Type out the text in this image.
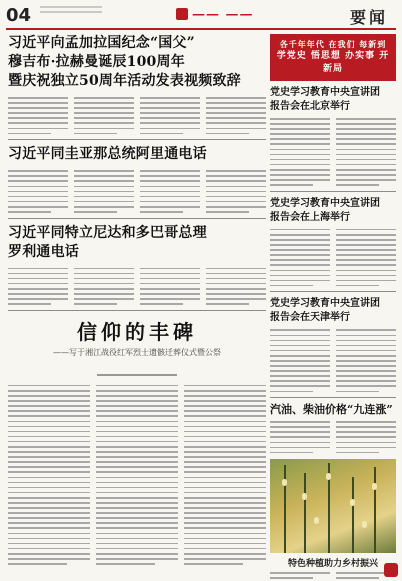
04	—— ——	要闻
习近平向孟加拉国纪念“国父”
穆吉布·拉赫曼诞辰100周年
暨庆祝独立50周年活动发表视频致辞
习近平同圭亚那总统阿里通电话
习近平同特立尼达和多巴哥总理
罗利通电话
信仰的丰碑
——写于湘江战役红军烈士遗骸迁葬仪式暨公祭
各千年年代 在我们 每新到
学党史 悟思想 办实事 开新局
党史学习教育中央宣讲团
报告会在北京举行
党史学习教育中央宣讲团
报告会在上海举行
党史学习教育中央宣讲团
报告会在天津举行
汽油、柴油价格“九连涨”
特色种植助力乡村振兴
